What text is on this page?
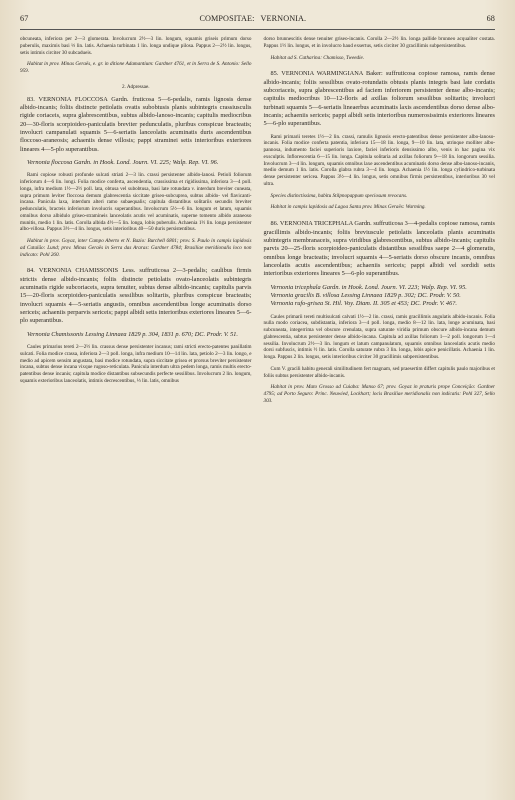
67	COMPOSITAE: VERNONIA.	68

obcuneata, inferiora per 2—3 glomerata. Involucrum 2½—3 lin. longum, squamis griseis primum dorso puberulis, maximis basi ⅓ lin. latis. Achaenia turbinata 1 lin. longa undique pilosa. Pappus 2—2½ lin. longus, setis intimis circiter 30 subcadueis.

Habitat in prov. Minas Geraës, e. gr. in ditione Adamantium: Gardner 4761, et in Serra de S. Antonio: Sello 959.

2. Adpressae.

83. VERNONIA FLOCCOSA Gardn. fruticosa 5—6-pedalis, ramis lignosis dense albido-incanis; foliis distincte petiolatis ovatis subobtusis planis subintegris crassiusculis rigide coriaceis, supra glabrescentibus, subtus albido-lanoso-incanis; capitulis mediocribus 20—30-floris scorpioideo-paniculatis breviter pedunculatis, pluribus conspicue bracteatis; involucri campanulati squamis 5—6-seriatis lanceolatis acuminatis duris ascendentibus floccoso-araneosis; achaeniis dense villosis; pappi straminei setis interioribus exteriores lineares 4—5-plo superantibus.

Vernonia floccosa Gardn. in Hook. Lond. Journ. VI. 225; Walp. Rep. VI. 96.

Rami copiose robusti profunde sulcati striati 2—3 lin. crassi persistenter albido-lanosi. Petioli foliorum inferiorum 4—6 lin. longi. Folia modice conferta, ascendentia, crassissima et rigidissima, inferiora 3—4 poll. longa, infra medium 1½—2½ poll. lata, obtusa vel subobtusa, basi late rotundata v. interdum breviter cuneata, supra primum leviter floccosa demum glabrescentia siccitate griseo-subcuprea, subtus albido- vel flavicanti-incana. Panicula laxa, interdum alteri ramo subaequalis; capitula distantibus solitariis secundis breviter pedunculatis, bracteis inferiorum involucris superantibus. Involucrum 5½—6 lin. longum et latum, squamis omnibus dorso albidulo griseo-stramineis lanceolatis acutis vel acuminatis, superne tomento albido araneoso munitis, medio 1 lin. latis. Corolla albida 4½—5 lin. longa, lobis puberulis. Achaenia 1½ lin. longa persistenter albo-villosa. Pappus 3½—4 lin. longus, setis interioribus 40—50 duris persistentibus.

Habitat in prov. Goyaz, inter Campo Aberto et N. Bazio: Burchell 6801; prov. S. Paulo in campis lapidosis ad Catalão: Lund; prov. Minas Geraës in Serra das Araras: Gardner 4784; Brasiliae meridionalis loco non indicato: Pohl 260.

84. VERNONIA CHAMISSONIS Less. suffruticosa 2—3-pedalis; caulibus firmis strictis dense albido-incanis; foliis distincte petiolatis ovato-lanceolatis subintegris acuminatis rigide subcoriaceis, supra tenuiter, subtus dense albido-incanis; capitulis parvis 15—20-floris scorpioideo-paniculatis sessilibus solitariis, pluribus conspicue bracteatis; involucri squamis 4—5-seriatis angustis, omnibus ascendentibus longe acuminatis dorso sericeis; achaeniis perparvis sericeis; pappi albidi setis interioribus exteriores lineares 5—6-plo superantibus.

Vernonia Chamissonis Lessing Linnaea 1829 p. 304, 1831 p. 670; DC. Prodr. V. 51.

Caules primarius tereti 2—2½ lin. crassus dense persistenter incanus; rami stricti erecto-patentes panillatim sulcati. Folia modice crassa, inferiora 2—3 poll. longa, infra medium 10—14 lin. lata, petiolo 2—3 lin. longo, e medio ad apicem sensim angustata, basi modice rotundata, supra siccitate grisea et prorsus breviter persistenter incana, subtus dense incana vixque rugoso-reticulata. Panicula interdum ultra pedem longa, ramis multis erecto-patentibus dense incanis; capitula modice distantibus subsecundis perfecte sessilibus. Involucrum 2 lin. longum, squamis exterioribus lanceolatis, intimis decrescentibus, ⅓ lin. latis, omnibus

dorso brunnescitis dense tenuiter griseo-incanis. Corolla 2—2½ lin. longa pallide brunneo acqualiter costata. Pappus 1½ lin. longus, et in involucro haud exsertus, setis circiter 30 gracillimis subpersistentibus.

Habitat ad S. Catharina: Chamisso, Tweedie.

85. VERNONIA WARMINGIANA Baker: suffruticosa copiose ramosa, ramis dense albido-incanis; foliis sessilibus ovato-rotundatis obtusis planis integris basi late cordatis subcoriaceis, supra glabrescentibus ad faciem inferiorem persistenter dense albo-incanis; capitulis mediocribus 10—12-floris ad axillas foliorum sessilibus solitariis; involucri turbinati squamis 5—6-seriatis lineaerbus acuminatis laxis ascendentibus dorso dense albo-incanis; achaeniis sericeis; pappi albidi setis interioribus numerosissimis exteriores lineares 5—6-plo superantibus.

Rami primarii teretes 1½—2 lin. crassi, ramulis lignosis erecto-patentibus dense persistenter albo-lanoso-incanis. Folia modice conferta patentia, inferiora 15—18 lin. longa, 9—10 lin. lata, utrinque molliter albo-pannosa, indumento faciei superioris laxiore, faciei inferioris densissimo albo, venis in hac pagina vix exsculptis. Inflorescentia 6—15 lin. longa. Capitula solitaria ad axillas foliorum 9—18 lin. longorum sessilia. Involucrum 3—4 lin. longum, squamis omnibus laxe ascendentibus acuminatis dorso dense albo-lanoso-incanis, medio demum 1 lin. latis. Corolla glabra rubra 3—4 lin. longa. Achaenia 1½ lin. longa cylindrico-turbinata dense persistenter sericea. Pappus 3½—4 lin. longus, setis omnibus firmis persistentibus, interioribus 30 vel ultra.

Species distinctissima, habitu Stilpnopappum speciosum revocans.

Habitat in campis lapidosis ad Lagoa Santa prov. Minas Geraës: Warming.

86. VERNONIA TRICEPHALA Gardn. suffruticosa 3—4-pedalis copiose ramosa, ramis gracillimis albido-incanis; foliis breviuscule petiolatis lanceolatis planis acuminatis subintegris membranaceis, supra viridibus glabrescentibus, subtus albido-incanis; capitulis parvis 20—25-floris scorpioideo-paniculatis distantibus sessilibus saepe 2—4 glomeratis, omnibus longe bracteatis; involucri squamis 4—5-seriatis dorso obscure incanis, omnibus lanceolatis acutis ascendentibus; achaeniis sericeis; pappi albidi vel sordidi setis interioribus exteriores lineares 5—6-plo superantibus.

Vernonia tricephala Gardn. in Hook. Lond. Journ. VI. 223; Walp. Rep. VI. 95.

Vernonia gracilis B. villosa Lessing Linnaea 1829 p. 302; DC. Prodr. V. 50.

Vernonia rufo-grisea St. Hil. Voy. Diam. II. 305 et 453; DC. Prodr. V. 46?.

Caules primarii tereti multisulcati calvati 1½—2 lin. crassi, ramis gracillimis angulatis albido-incanis. Folia nulla modo coriacea, subdistantia, inferiora 3—4 poll. longa, medio 8—12 lin. lata, longe acuminata, basi subcuneata, integerrima vel obscure crenulata, supra saturate viridia primum obscure albido-incana demum glabrescentia, subtus persistenter dense albido-incana. Capitula ad axillas foliorum 1—2 poll. longorum 1—4 sessilia. Involucrum 2½—3 lin. longum et latum campanulatum, squamis omnibus lanceolatis acutis medio dorsi subfuscis, intimis ½ lin. latis. Corolla saturate rubra 3 lin. longa, lobis apice penicillatis. Achaenia 1 lin. longa. Pappus 2 lin. longus, setis interioribus circiter 30 gracillimis subpersistentibus.

Cum V. gracili habitu generali similitudinem fert magnam, sed praesertim differt capitulis paulo majoribus et foliis subtus persistenter albido-incanis.

Habitat in prov. Mato Grosso ad Cuiaba: Manso 67; prov. Goyaz in praturis prope Conceição: Gardner 4795; ad Porto Seguro: Princ. Neuwied, Lockhart; locis Brasiliae meridionalis non indicatis: Pohl 327, Sello 303.
